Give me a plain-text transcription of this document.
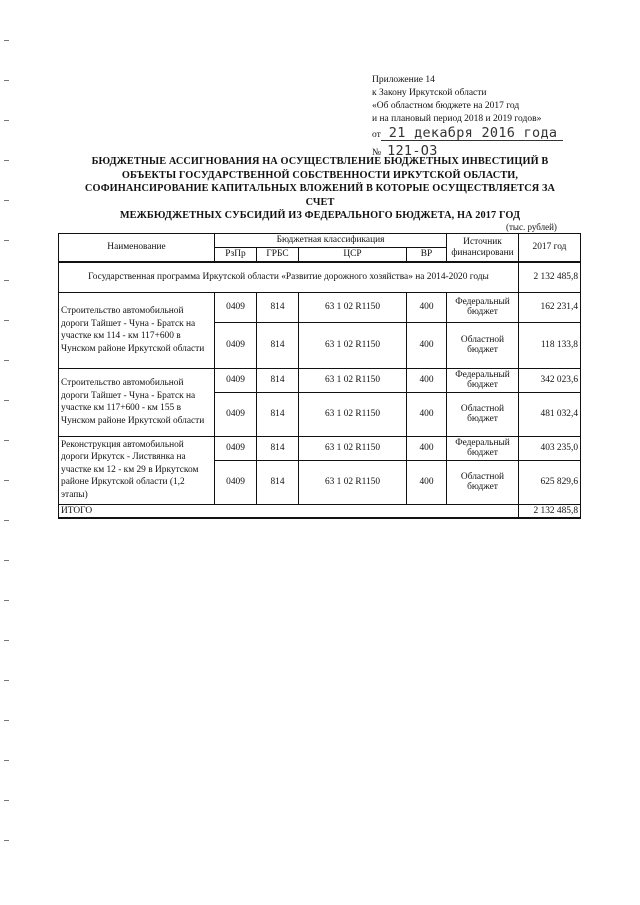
Приложение 14
к Закону Иркутской области
«Об областном бюджете на 2017 год
и на плановый период 2018 и 2019 годов»
от 21 декабря 2016 года
№ 121-ОЗ
БЮДЖЕТНЫЕ АССИГНОВАНИЯ НА ОСУЩЕСТВЛЕНИЕ БЮДЖЕТНЫХ ИНВЕСТИЦИЙ В
ОБЪЕКТЫ ГОСУДАРСТВЕННОЙ СОБСТВЕННОСТИ ИРКУТСКОЙ ОБЛАСТИ,
СОФИНАНСИРОВАНИЕ КАПИТАЛЬНЫХ ВЛОЖЕНИЙ В КОТОРЫЕ ОСУЩЕСТВЛЯЕТСЯ ЗА СЧЕТ
МЕЖБЮДЖЕТНЫХ СУБСИДИЙ ИЗ ФЕДЕРАЛЬНОГО БЮДЖЕТА, НА 2017 ГОД
(тыс. рублей)
Наименование	Бюджетная классификация				Источник финансировани	2017 год
	РзПр	ГРБС	ЦСР	ВР		
Государственная программа Иркутской области «Развитие дорожного хозяйства» на 2014-2020 годы						2 132 485,8
Строительство автомобильной дороги Тайшет - Чуна - Братск на участке км 114 - км 117+600 в Чунском районе Иркутской области	0409	814	63 1 02 R1150	400	Федеральный бюджет	162 231,4
	0409	814	63 1 02 R1150	400	Областной бюджет	118 133,8
Строительство автомобильной дороги Тайшет - Чуна - Братск на участке км 117+600 - км 155 в Чунском районе Иркутской области	0409	814	63 1 02 R1150	400	Федеральный бюджет	342 023,6
	0409	814	63 1 02 R1150	400	Областной бюджет	481 032,4
Реконструкция автомобильной дороги Иркутск - Листвянка на участке км 12 - км 29 в Иркутском районе Иркутской области (1,2 этапы)	0409	814	63 1 02 R1150	400	Федеральный бюджет	403 235,0
	0409	814	63 1 02 R1150	400	Областной бюджет	625 829,6
ИТОГО						2 132 485,8
